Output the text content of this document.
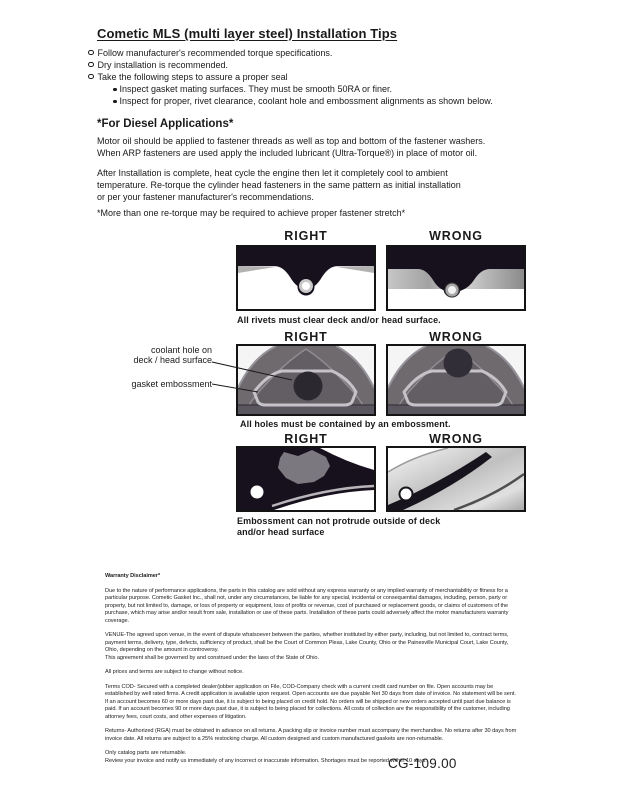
Cometic MLS (multi layer steel) Installation Tips
Follow manufacturer's recommended torque specifications.
Dry installation is recommended.
Take the following steps to assure a proper seal
Inspect gasket mating surfaces. They must be smooth 50RA or finer.
Inspect for proper, rivet clearance, coolant hole and embossment alignments as shown below.
*For Diesel Applications*
Motor oil should be applied to fastener threads as well as top and bottom of the fastener washers.
When ARP fasteners are used apply the included lubricant (Ultra-Torque®) in place of motor oil.
After Installation is complete, heat cycle the engine then let it completely cool to ambient
temperature. Re-torque the cylinder head fasteners in the same pattern as initial installation
or per your fastener manufacturer's recommendations.
*More than one re-torque may be required to achieve proper fastener stretch*
RIGHT	WRONG
All rivets must clear deck and/or head surface.
RIGHT	WRONG
coolant hole on
deck / head surface
gasket embossment
All holes must be contained by an embossment.
RIGHT	WRONG
Embossment can not protrude outside of deck
and/or head surface
Warranty Disclaimer*
Due to the nature of performance applications, the parts in this catalog are sold without any express warranty or any implied warranty of merchantability or fitness for a particular purpose. Cometic Gasket Inc., shall not, under any circumstances, be liable for any special, incidental or consequential damages, including, person, party or property, but not limited to, damage, or loss of property or equipment, loss of profits or revenue, cost of purchased or replacement goods, or claims of customers of the purchase, which may arise and/or result from sale, installation or use of these parts. Installation of these parts could adversely affect the motor manufacturers warranty coverage.
VENUE-The agreed upon venue, in the event of dispute whatsoever between the parties, whether instituted by either party, including, but not limited to, contract terms, payment terms, delivery, type, defects, sufficiency of product, shall be the Court of Common Pleas, Lake County, Ohio or the Painesville Municipal Court, Lake County, Ohio, depending on the amount in controversy.
This agreement shall be governed by and construed under the laws of the State of Ohio.
All prices and terms are subject to change without notice.
Terms COD- Secured with a completed dealer/jobber application on File, COD-Company check with a current credit card number on file. Open accounts may be established by well rated firms. A credit application is available upon request. Open accounts are due payable Net 30 days from date of invoice. No statement will be sent. If an account becomes 60 or more days past due, it is subject to being placed on credit hold. No orders will be shipped or new orders accepted until past due balance is paid. If an account becomes 90 or more days past due, it is subject to being placed for collections. All costs of collection are the responsibility of the customer, including attorney fees, court costs, and other expenses of litigation.
Returns- Authorized (RGA) must be obtained in advance on all returns. A packing slip or invoice number must accompany the merchandise. No returns after 30 days from invoice date. All returns are subject to a 25% restocking charge. All custom designed and custom manufactured gaskets are non-returnable.
Only catalog parts are returnable.
Review your invoice and notify us immediately of any incorrect or inaccurate information. Shortages must be reported within 10 days.
CG-109.00
